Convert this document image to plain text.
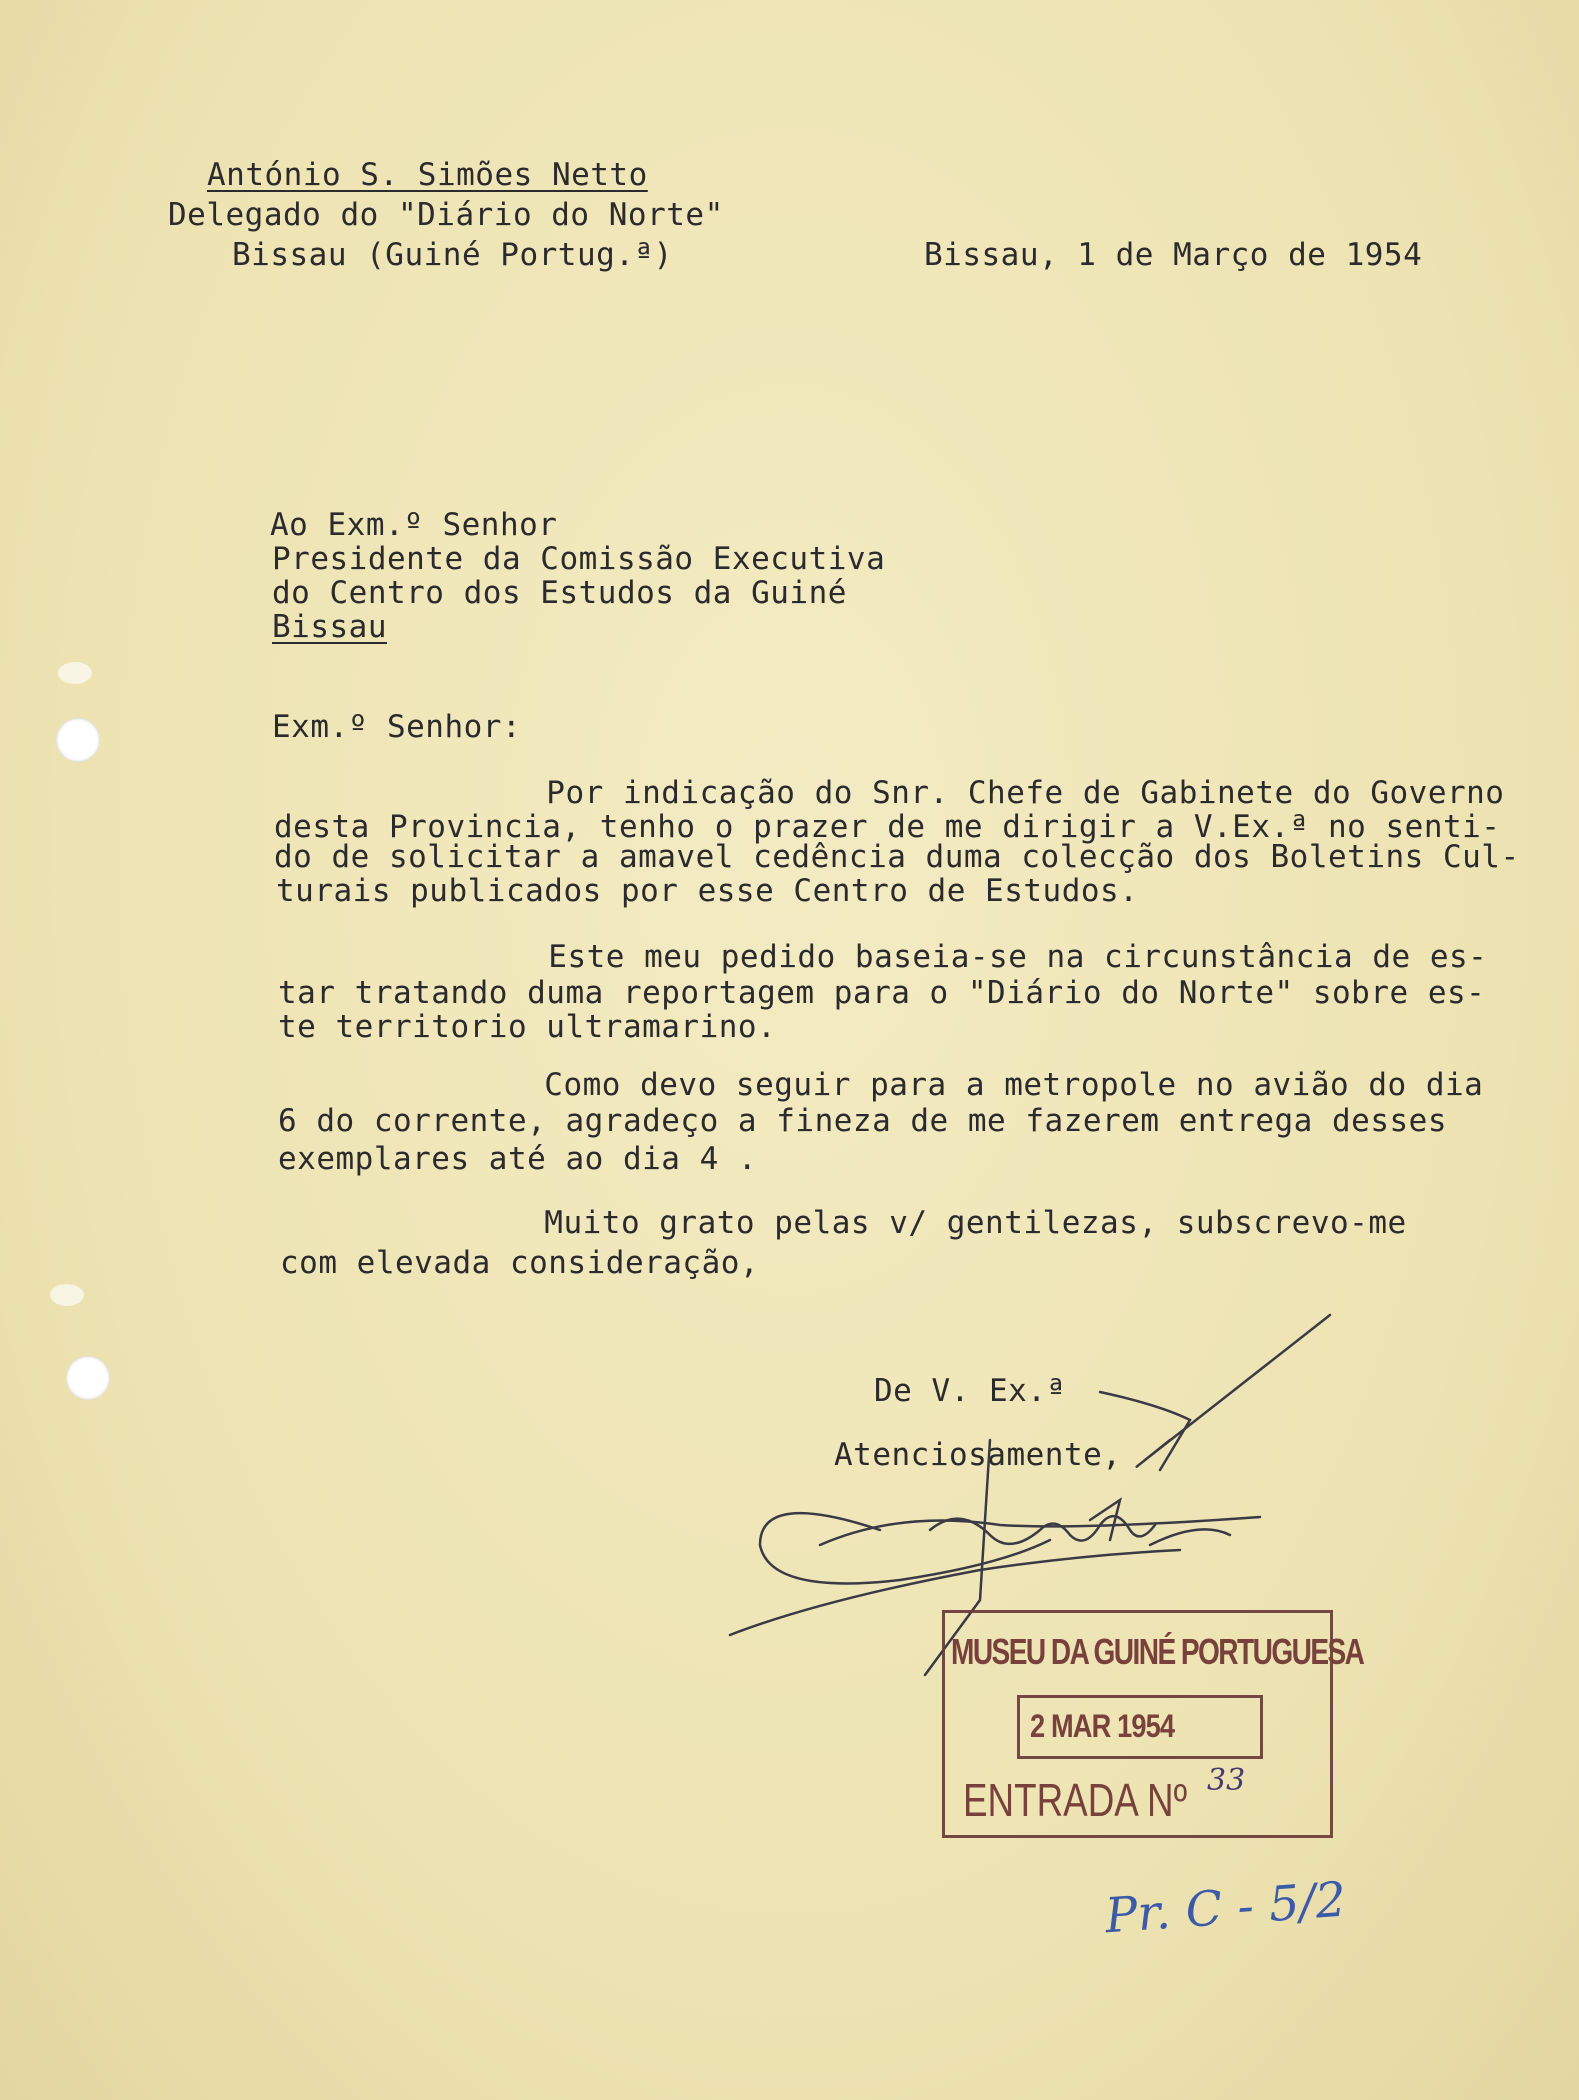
António S. Simões Netto
Delegado do "Diário do Norte"
Bissau (Guiné Portug.ª)	Bissau, 1 de Março de 1954
Ao Exm.º Senhor
Presidente da Comissão Executiva
do Centro dos Estudos da Guiné
Bissau
Exm.º Senhor:
Por indicação do Snr. Chefe de Gabinete do Governo
desta Provincia, tenho o prazer de me dirigir a V.Ex.ª no senti-
do de solicitar a amavel cedência duma colecção dos Boletins Cul-
turais publicados por esse Centro de Estudos.
Este meu pedido baseia-se na circunstância de es-
tar tratando duma reportagem para o "Diário do Norte" sobre es-
te territorio ultramarino.
Como devo seguir para a metropole no avião do dia
6 do corrente, agradeço a fineza de me fazerem entrega desses
exemplares até ao dia 4 .
Muito grato pelas v/ gentilezas, subscrevo-me
com elevada consideração,
De V. Ex.ª
Atenciosamente,
MUSEU DA GUINÉ PORTUGUESA
2 MAR 1954
ENTRADA Nº 33
Pr. C - 5/2
